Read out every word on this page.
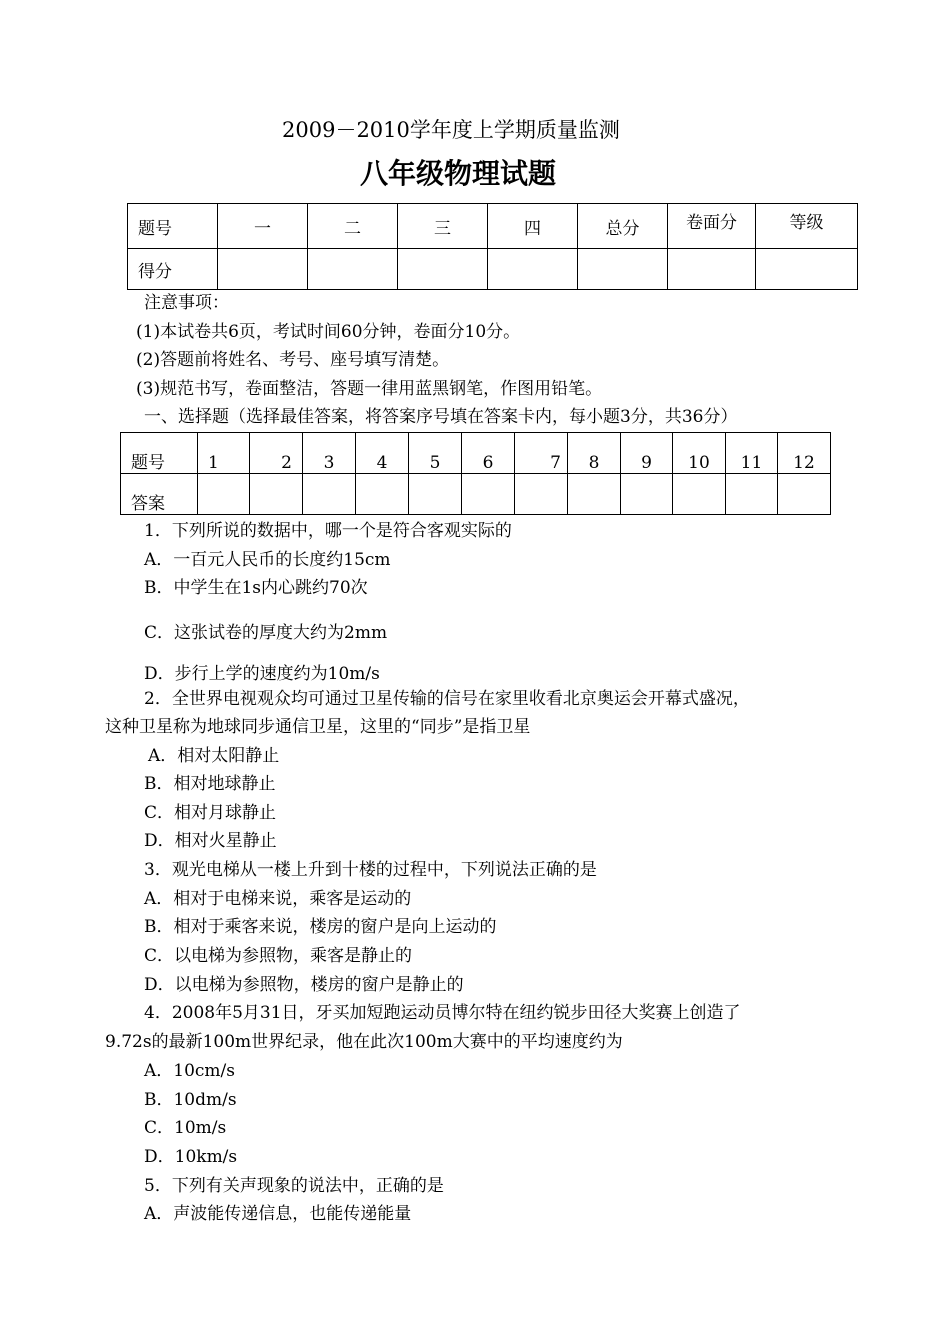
2009－2010学年度上学期质量监测
八年级物理试题
题号	一	二	三	四	总分	卷面分	等级
得分							
注意事项：
(1)本试卷共6页，考试时间60分钟，卷面分10分。
(2)答题前将姓名、考号、座号填写清楚。
(3)规范书写，卷面整洁，答题一律用蓝黑钢笔，作图用铅笔。
一、选择题（选择最佳答案，将答案序号填在答案卡内，每小题3分，共36分）
题号	1	2	3	4	5	6	7	8	9	10	11	12
答案												
1．下列所说的数据中，哪一个是符合客观实际的
A．一百元人民币的长度约15cm
B．中学生在1s内心跳约70次
C．这张试卷的厚度大约为2mm
D．步行上学的速度约为10m/s
2．全世界电视观众均可通过卫星传输的信号在家里收看北京奥运会开幕式盛况，
这种卫星称为地球同步通信卫星，这里的“同步”是指卫星
A．相对太阳静止
B．相对地球静止
C．相对月球静止
D．相对火星静止
3．观光电梯从一楼上升到十楼的过程中，下列说法正确的是
A．相对于电梯来说，乘客是运动的
B．相对于乘客来说，楼房的窗户是向上运动的
C．以电梯为参照物，乘客是静止的
D．以电梯为参照物，楼房的窗户是静止的
4．2008年5月31日，牙买加短跑运动员博尔特在纽约锐步田径大奖赛上创造了
9.72s的最新100m世界纪录，他在此次100m大赛中的平均速度约为
A．10cm/s
B．10dm/s
C．10m/s
D．10km/s
5．下列有关声现象的说法中，正确的是
A．声波能传递信息，也能传递能量
